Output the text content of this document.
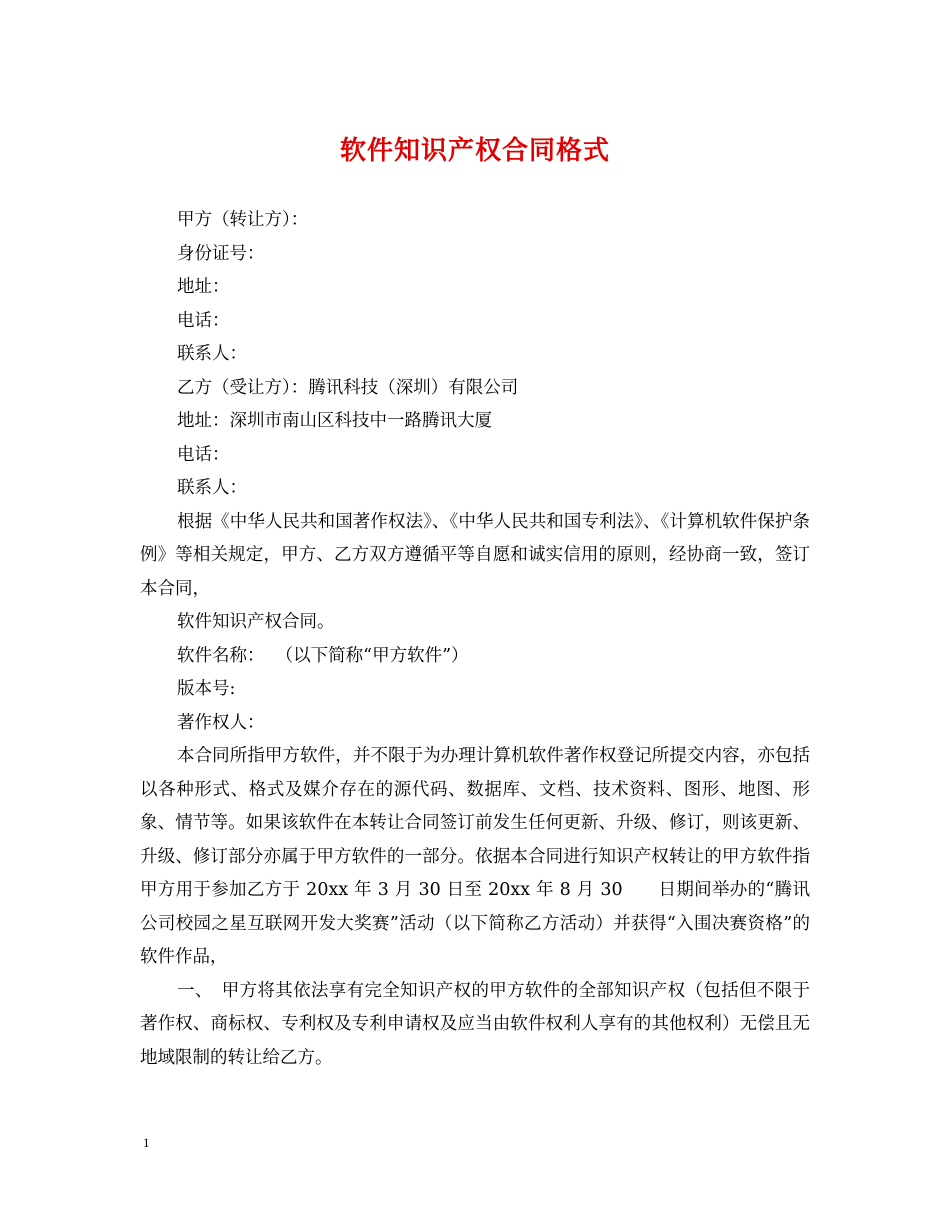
软件知识产权合同格式

甲方（转让方）：

身份证号：

地址：

电话：

联系人：

乙方（受让方）：腾讯科技（深圳）有限公司

地址：深圳市南山区科技中一路腾讯大厦

电话：

联系人：

根据《中华人民共和国著作权法》、《中华人民共和国专利法》、《计算机软件保护条例》等相关规定，甲方、乙方双方遵循平等自愿和诚实信用的原则，经协商一致，签订本合同，

软件知识产权合同。

软件名称：  （以下简称“甲方软件”）

版本号:

著作权人：

本合同所指甲方软件，并不限于为办理计算机软件著作权登记所提交内容，亦包括以各种形式、格式及媒介存在的源代码、数据库、文档、技术资料、图形、地图、形象、情节等。如果该软件在本转让合同签订前发生任何更新、升级、修订，则该更新、升级、修订部分亦属于甲方软件的一部分。依据本合同进行知识产权转让的甲方软件指甲方用于参加乙方于 20xx 年 3 月 30 日至 20xx 年 8 月 30　　日期间举办的“腾讯公司校园之星互联网开发大奖赛”活动（以下简称乙方活动）并获得“入围决赛资格”的软件作品，

一、　甲方将其依法享有完全知识产权的甲方软件的全部知识产权（包括但不限于著作权、商标权、专利权及专利申请权及应当由软件权利人享有的其他权利）无偿且无地域限制的转让给乙方。

1
